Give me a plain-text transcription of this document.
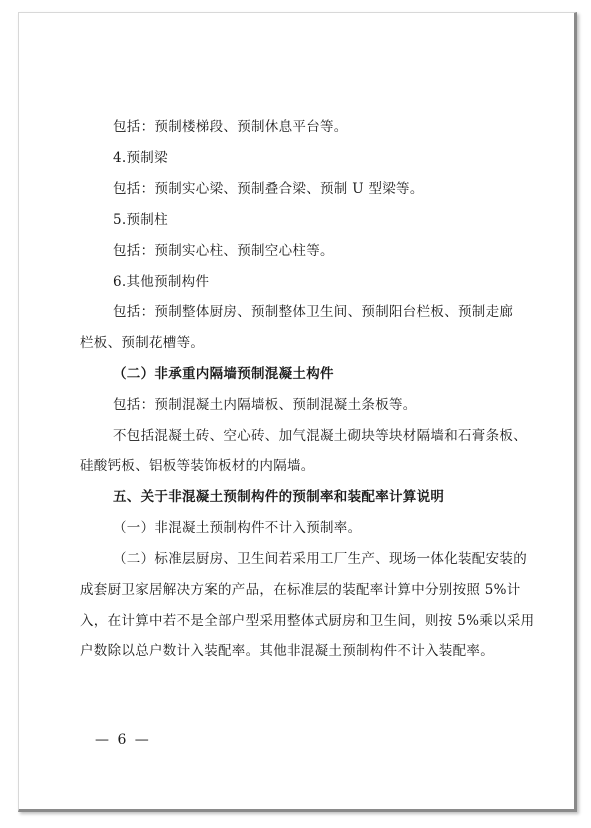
包括：预制楼梯段、预制休息平台等。
4.预制梁
包括：预制实心梁、预制叠合梁、预制 U 型梁等。
5.预制柱
包括：预制实心柱、预制空心柱等。
6.其他预制构件
包括：预制整体厨房、预制整体卫生间、预制阳台栏板、预制走廊
栏板、预制花槽等。
（二）非承重内隔墙预制混凝土构件
包括：预制混凝土内隔墙板、预制混凝土条板等。
不包括混凝土砖、空心砖、加气混凝土砌块等块材隔墙和石膏条板、
硅酸钙板、铝板等装饰板材的内隔墙。
五、关于非混凝土预制构件的预制率和装配率计算说明
（一）非混凝土预制构件不计入预制率。
（二）标准层厨房、卫生间若采用工厂生产、现场一体化装配安装的
成套厨卫家居解决方案的产品，在标准层的装配率计算中分别按照 5%计
入，在计算中若不是全部户型采用整体式厨房和卫生间，则按 5%乘以采用
户数除以总户数计入装配率。其他非混凝土预制构件不计入装配率。
— 6 —
